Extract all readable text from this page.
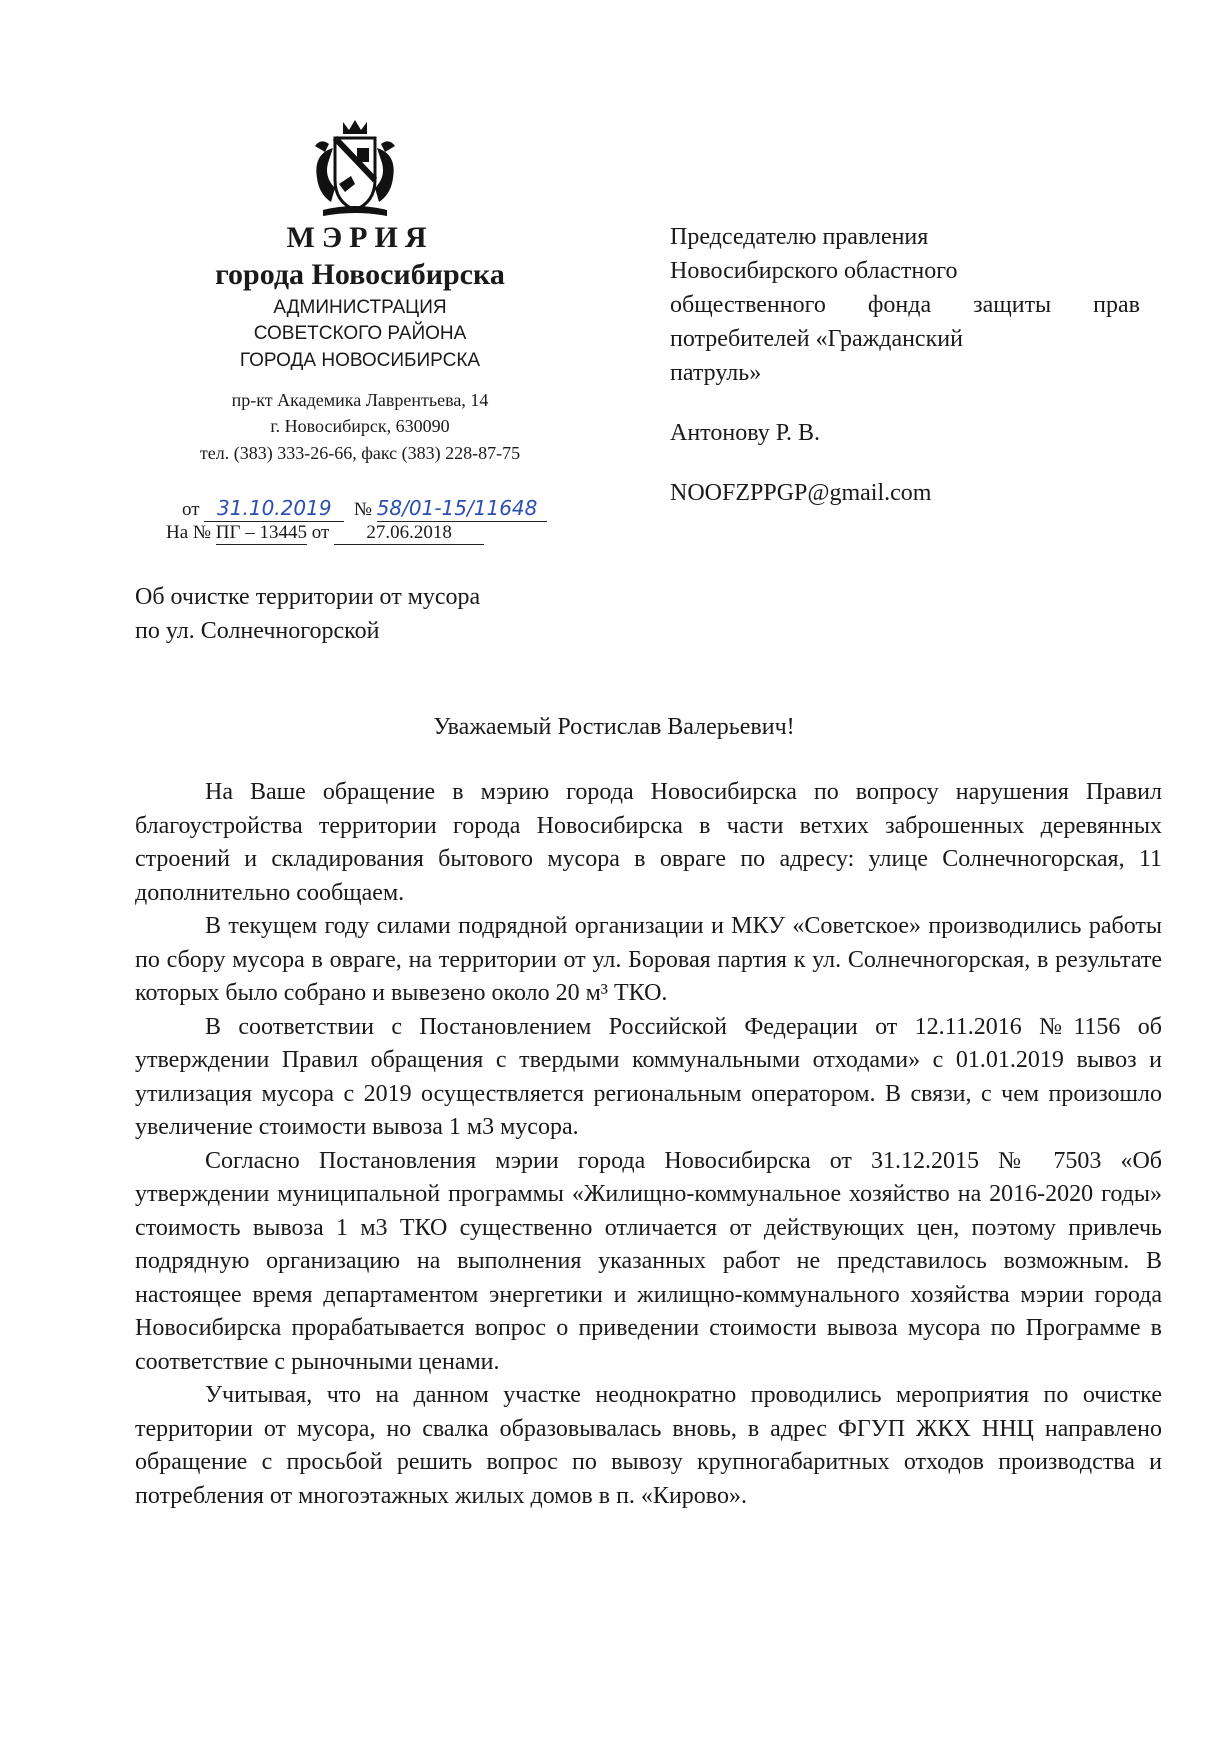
МЭРИЯ
города Новосибирска
АДМИНИСТРАЦИЯ
СОВЕТСКОГО РАЙОНА
ГОРОДА НОВОСИБИРСКА
пр-кт Академика Лаврентьева, 14
г. Новосибирск, 630090
тел. (383) 333-26-66, факс (383) 228-87-75
от 31.10.2019 № 58/01-15/11648
На № ПГ – 13445 от 27.06.2018
Председателю правления
Новосибирского областного
общественного фонда защиты прав
потребителей «Гражданский
патруль»
Антонову Р. В.
NOOFZPPGP@gmail.com
Об очистке территории от мусора
по ул. Солнечногорской
Уважаемый Ростислав Валерьевич!

На Ваше обращение в мэрию города Новосибирска по вопросу нарушения Правил благоустройства территории города Новосибирска в части ветхих заброшенных деревянных строений и складирования бытового мусора в овраге по адресу: улице Солнечногорская, 11 дополнительно сообщаем.

В текущем году силами подрядной организации и МКУ «Советское» производились работы по сбору мусора в овраге, на территории от ул. Боровая партия к ул. Солнечногорская, в результате которых было собрано и вывезено около 20 м³ ТКО.

В соответствии с Постановлением Российской Федерации от 12.11.2016 №1156 об утверждении Правил обращения с твердыми коммунальными отходами» с 01.01.2019 вывоз и утилизация мусора с 2019 осуществляется региональным оператором. В связи, с чем произошло увеличение стоимости вывоза 1 м3 мусора.

Согласно Постановления мэрии города Новосибирска от 31.12.2015 № 7503 «Об утверждении муниципальной программы «Жилищно-коммунальное хозяйство на 2016-2020 годы» стоимость вывоза 1 м3 ТКО существенно отличается от действующих цен, поэтому привлечь подрядную организацию на выполнения указанных работ не представилось возможным. В настоящее время департаментом энергетики и жилищно-коммунального хозяйства мэрии города Новосибирска прорабатывается вопрос о приведении стоимости вывоза мусора по Программе в соответствие с рыночными ценами.

Учитывая, что на данном участке неоднократно проводились мероприятия по очистке территории от мусора, но свалка образовывалась вновь, в адрес ФГУП ЖКХ ННЦ направлено обращение с просьбой решить вопрос по вывозу крупногабаритных отходов производства и потребления от многоэтажных жилых домов в п. «Кирово».
